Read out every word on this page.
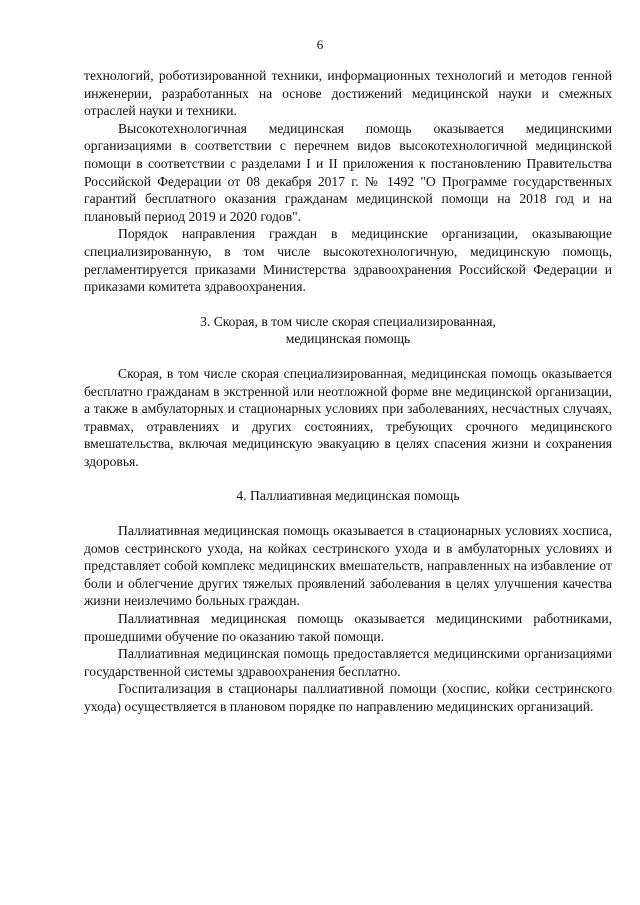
6

технологий, роботизированной техники, информационных технологий и методов генной инженерии, разработанных на основе достижений медицинской науки и смежных отраслей науки и техники.

Высокотехнологичная медицинская помощь оказывается медицинскими организациями в соответствии с перечнем видов высокотехнологичной медицинской помощи в соответствии с разделами I и II приложения к постановлению Правительства Российской Федерации от 08 декабря 2017 г. № 1492 "О Программе государственных гарантий бесплатного оказания гражданам медицинской помощи на 2018 год и на плановый период 2019 и 2020 годов".

Порядок направления граждан в медицинские организации, оказывающие специализированную, в том числе высокотехнологичную, медицинскую помощь, регламентируется приказами Министерства здравоохранения Российской Федерации и приказами комитета здравоохранения.

3. Скорая, в том числе скорая специализированная,

медицинская помощь

Скорая, в том числе скорая специализированная, медицинская помощь оказывается бесплатно гражданам в экстренной или неотложной форме вне медицинской организации, а также в амбулаторных и стационарных условиях при заболеваниях, несчастных случаях, травмах, отравлениях и других состояниях, требующих срочного медицинского вмешательства, включая медицинскую эвакуацию в целях спасения жизни и сохранения здоровья.

4. Паллиативная медицинская помощь

Паллиативная медицинская помощь оказывается в стационарных условиях хосписа, домов сестринского ухода, на койках сестринского ухода и в амбулаторных условиях и представляет собой комплекс медицинских вмешательств, направленных на избавление от боли и облегчение других тяжелых проявлений заболевания в целях улучшения качества жизни неизлечимо больных граждан.

Паллиативная медицинская помощь оказывается медицинскими работниками, прошедшими обучение по оказанию такой помощи.

Паллиативная медицинская помощь предоставляется медицинскими организациями государственной системы здравоохранения бесплатно.

Госпитализация в стационары паллиативной помощи (хоспис, койки сестринского ухода) осуществляется в плановом порядке по направлению медицинских организаций.
